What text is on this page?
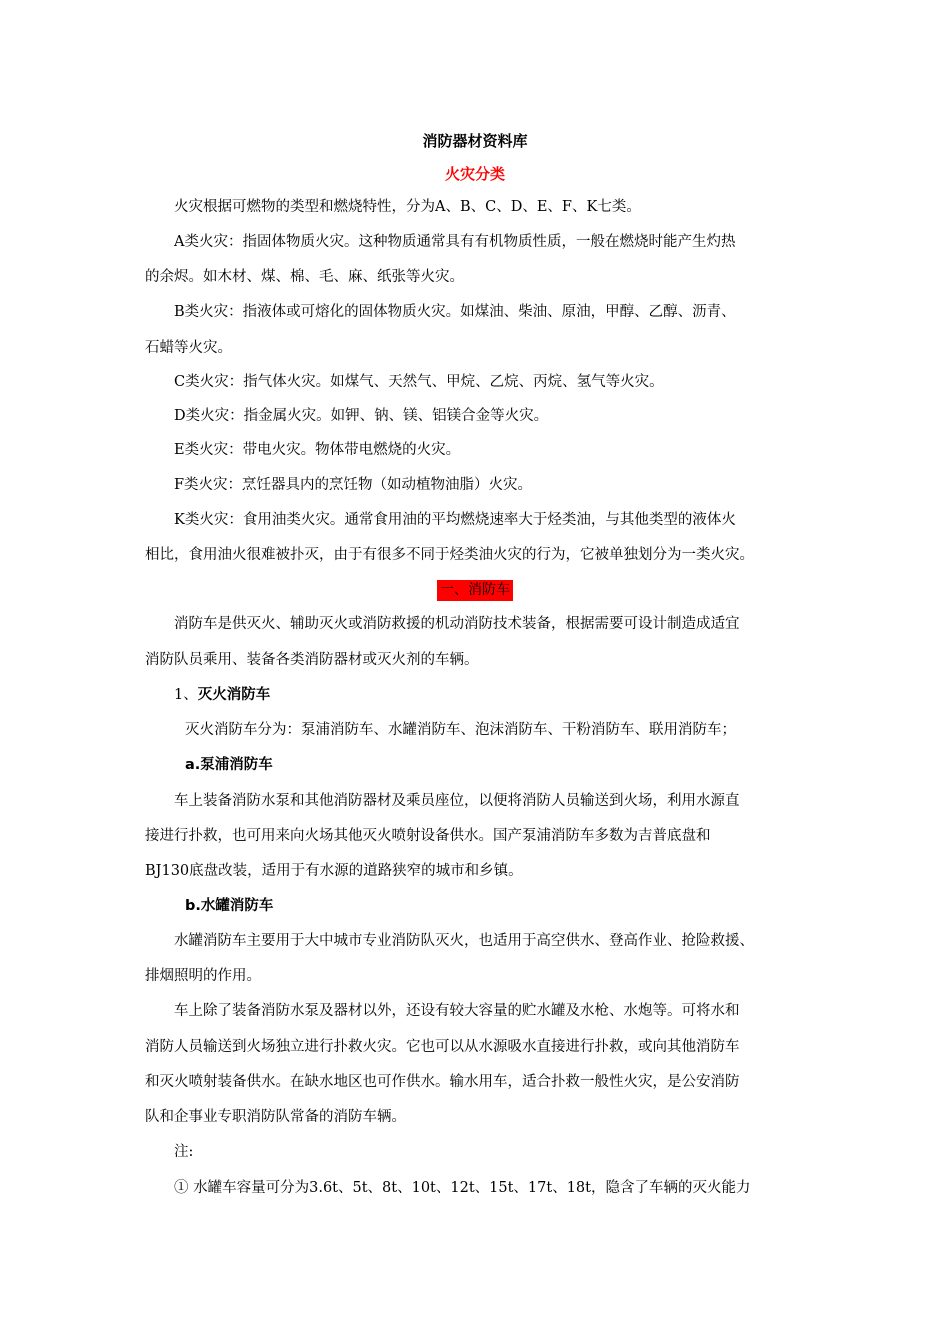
消防器材资料库
火灾分类
火灾根据可燃物的类型和燃烧特性，分为A、B、C、D、E、F、K七类。
A类火灾：指固体物质火灾。这种物质通常具有有机物质性质，一般在燃烧时能产生灼热
的余烬。如木材、煤、棉、毛、麻、纸张等火灾。
B类火灾：指液体或可熔化的固体物质火灾。如煤油、柴油、原油，甲醇、乙醇、沥青、
石蜡等火灾。
C类火灾：指气体火灾。如煤气、天然气、甲烷、乙烷、丙烷、氢气等火灾。
D类火灾：指金属火灾。如钾、钠、镁、铝镁合金等火灾。
E类火灾：带电火灾。物体带电燃烧的火灾。
F类火灾：烹饪器具内的烹饪物（如动植物油脂）火灾。
K类火灾：食用油类火灾。通常食用油的平均燃烧速率大于烃类油，与其他类型的液体火
相比，食用油火很难被扑灭，由于有很多不同于烃类油火灾的行为，它被单独划分为一类火灾。
一、消防车
消防车是供灭火、辅助灭火或消防救援的机动消防技术装备，根据需要可设计制造成适宜
消防队员乘用、装备各类消防器材或灭火剂的车辆。
1、灭火消防车
灭火消防车分为：泵浦消防车、水罐消防车、泡沫消防车、干粉消防车、联用消防车；
a.泵浦消防车
车上装备消防水泵和其他消防器材及乘员座位，以便将消防人员输送到火场，利用水源直
接进行扑救，也可用来向火场其他灭火喷射设备供水。国产泵浦消防车多数为吉普底盘和
BJ130底盘改装，适用于有水源的道路狭窄的城市和乡镇。
b.水罐消防车
水罐消防车主要用于大中城市专业消防队灭火，也适用于高空供水、登高作业、抢险救援、
排烟照明的作用。
车上除了装备消防水泵及器材以外，还设有较大容量的贮水罐及水枪、水炮等。可将水和
消防人员输送到火场独立进行扑救火灾。它也可以从水源吸水直接进行扑救，或向其他消防车
和灭火喷射装备供水。在缺水地区也可作供水。输水用车，适合扑救一般性火灾，是公安消防
队和企事业专职消防队常备的消防车辆。
注:
① 水罐车容量可分为3.6t、5t、8t、10t、12t、15t、17t、18t，隐含了车辆的灭火能力
